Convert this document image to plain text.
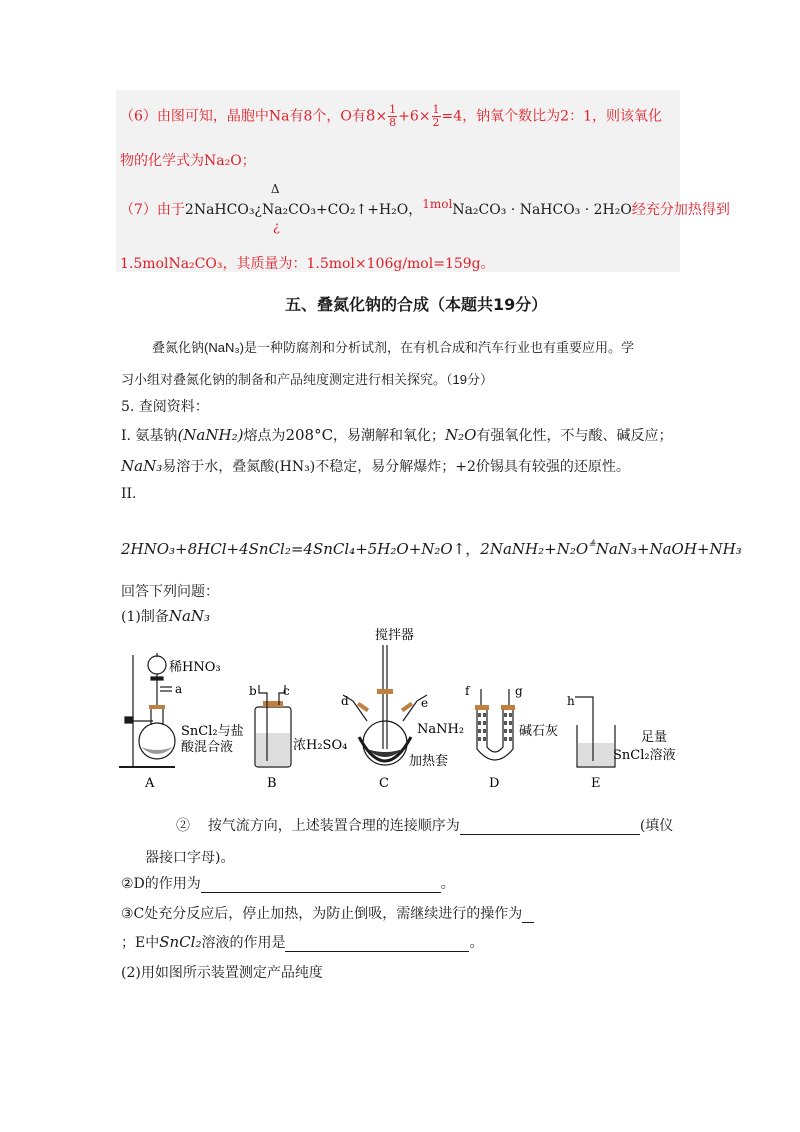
（6）由图可知，晶胞中Na有8个，O有$8\times \frac{1}{8} +6\times \frac{1}{2} =4$，钠氧个数比为2：1，则该氧化
物的化学式为Na₂O；
（7）由于2NaHCO₃¿Na₂CO₃+CO₂↑+H₂O
Δ
¿
，1molNa₂CO₃ · NaHCO₃ · 2H₂O经充分加热得到
1.5molNa₂CO₃，其质量为：1.5mol×106g/mol=159g。
五、叠氮化钠的合成（本题共19分）
叠氮化钠(NaN₃)是一种防腐剂和分析试剂，在有机合成和汽车行业也有重要应用。学
习小组对叠氮化钠的制备和产品纯度测定进行相关探究。（19分）
5. 查阅资料：
I. 氨基钠(NaNH₂)熔点为208°C，易潮解和氧化；N₂O有强氧化性，不与酸、碱反应；
NaN₃易溶于水，叠氮酸(HN₃)不稳定，易分解爆炸；+2价锡具有较强的还原性。
II.
2HNO₃+8HCl+4SnCl₂=4SnCl₄+5H₂O+N₂O↑，2NaNH₂+N₂O≜NaN₃+NaOH+NH₃
回答下列问题：
(1)制备NaN₃
稀HNO₃
a
SnCl₂与盐
酸混合液
A
b c
浓H₂SO₄
B
搅拌器
d	e
NaNH₂
加热套
C
f	g
碱石灰
D
h
足量
SnCl₂溶液
E
② 按气流方向，上述装置合理的连接顺序为	(填仪
器接口字母)。
②D的作用为	。
③C处充分反应后，停止加热，为防止倒吸，需继续进行的操作为
；E中SnCl₂溶液的作用是	。
(2)用如图所示装置测定产品纯度
